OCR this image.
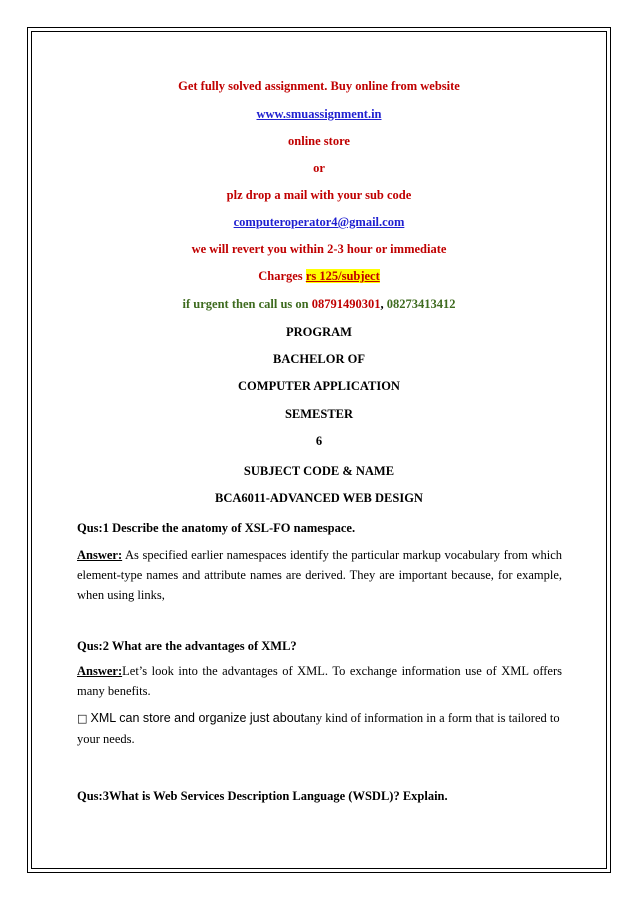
Get fully solved assignment. Buy online from website
www.smuassignment.in
online store
or
plz drop a mail with your sub code
computeroperator4@gmail.com
we will revert you within 2-3 hour or immediate
Charges rs 125/subject
if urgent then call us on 08791490301, 08273413412
PROGRAM
BACHELOR OF
COMPUTER APPLICATION
SEMESTER
6
SUBJECT CODE & NAME
BCA6011-ADVANCED WEB DESIGN
Qus:1 Describe the anatomy of XSL-FO namespace.
Answer: As specified earlier namespaces identify the particular markup vocabulary from which element-type names and attribute names are derived. They are important because, for example, when using links,
Qus:2 What are the advantages of XML?
Answer:Let’s look into the advantages of XML. To exchange information use of XML offers many benefits.
□ XML can store and organize just aboutany kind of information in a form that is tailored to your needs.
Qus:3What is Web Services Description Language (WSDL)? Explain.
